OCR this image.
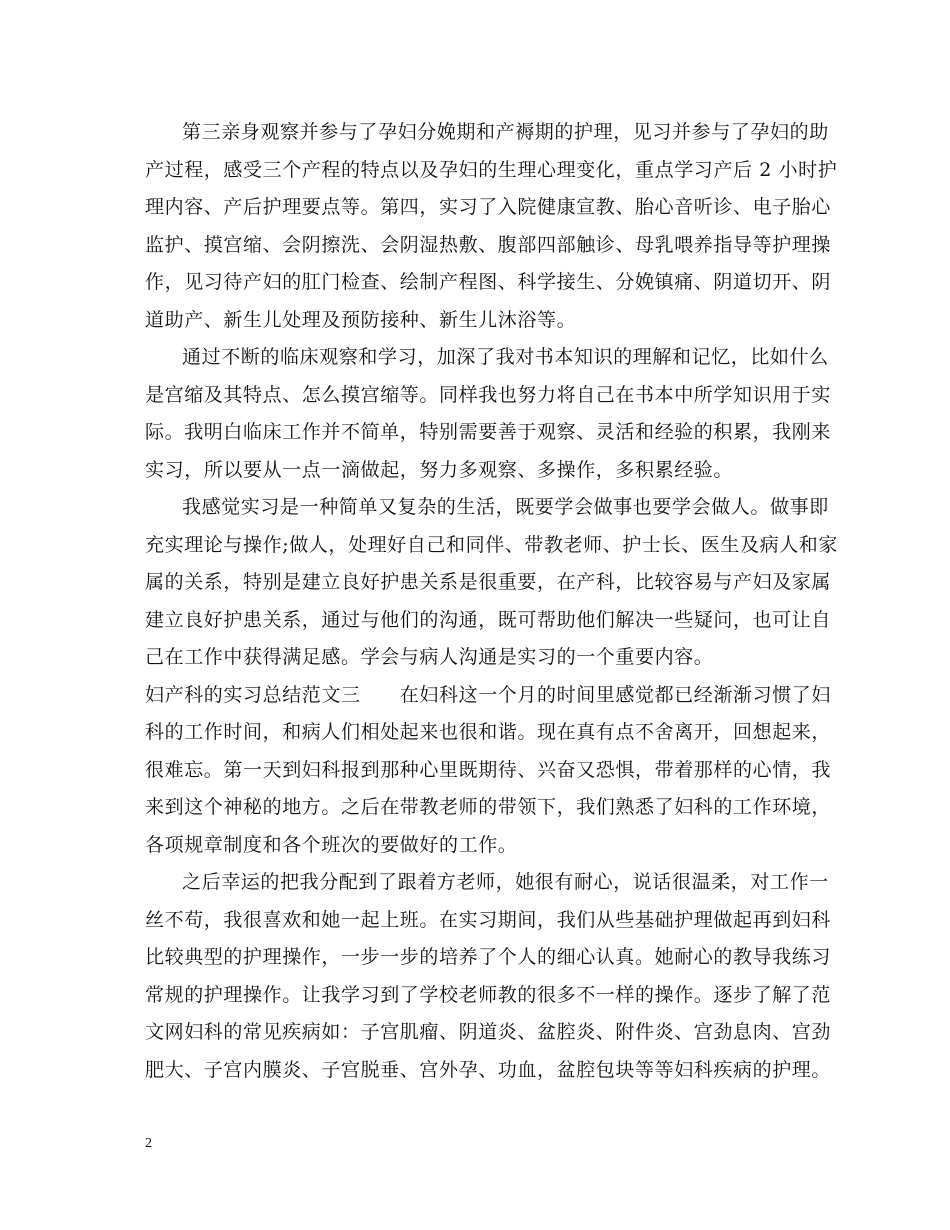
第三亲身观察并参与了孕妇分娩期和产褥期的护理，见习并参与了孕妇的助
产过程，感受三个产程的特点以及孕妇的生理心理变化，重点学习产后 2 小时护
理内容、产后护理要点等。第四，实习了入院健康宣教、胎心音听诊、电子胎心
监护、摸宫缩、会阴擦洗、会阴湿热敷、腹部四部触诊、母乳喂养指导等护理操
作，见习待产妇的肛门检查、绘制产程图、科学接生、分娩镇痛、阴道切开、阴
道助产、新生儿处理及预防接种、新生儿沐浴等。
通过不断的临床观察和学习，加深了我对书本知识的理解和记忆，比如什么
是宫缩及其特点、怎么摸宫缩等。同样我也努力将自己在书本中所学知识用于实
际。我明白临床工作并不简单，特别需要善于观察、灵活和经验的积累，我刚来
实习，所以要从一点一滴做起，努力多观察、多操作，多积累经验。
我感觉实习是一种简单又复杂的生活，既要学会做事也要学会做人。做事即
充实理论与操作;做人，处理好自己和同伴、带教老师、护士长、医生及病人和家
属的关系，特别是建立良好护患关系是很重要，在产科，比较容易与产妇及家属
建立良好护患关系，通过与他们的沟通，既可帮助他们解决一些疑问，也可让自
己在工作中获得满足感。学会与病人沟通是实习的一个重要内容。
妇产科的实习总结范文三　　在妇科这一个月的时间里感觉都已经渐渐习惯了妇
科的工作时间，和病人们相处起来也很和谐。现在真有点不舍离开，回想起来，
很难忘。第一天到妇科报到那种心里既期待、兴奋又恐惧，带着那样的心情，我
来到这个神秘的地方。之后在带教老师的带领下，我们熟悉了妇科的工作环境，
各项规章制度和各个班次的要做好的工作。
之后幸运的把我分配到了跟着方老师，她很有耐心，说话很温柔，对工作一
丝不苟，我很喜欢和她一起上班。在实习期间，我们从些基础护理做起再到妇科
比较典型的护理操作，一步一步的培养了个人的细心认真。她耐心的教导我练习
常规的护理操作。让我学习到了学校老师教的很多不一样的操作。逐步了解了范
文网妇科的常见疾病如：子宫肌瘤、阴道炎、盆腔炎、附件炎、宫劲息肉、宫劲
肥大、子宫内膜炎、子宫脱垂、宫外孕、功血，盆腔包块等等妇科疾病的护理。
2
